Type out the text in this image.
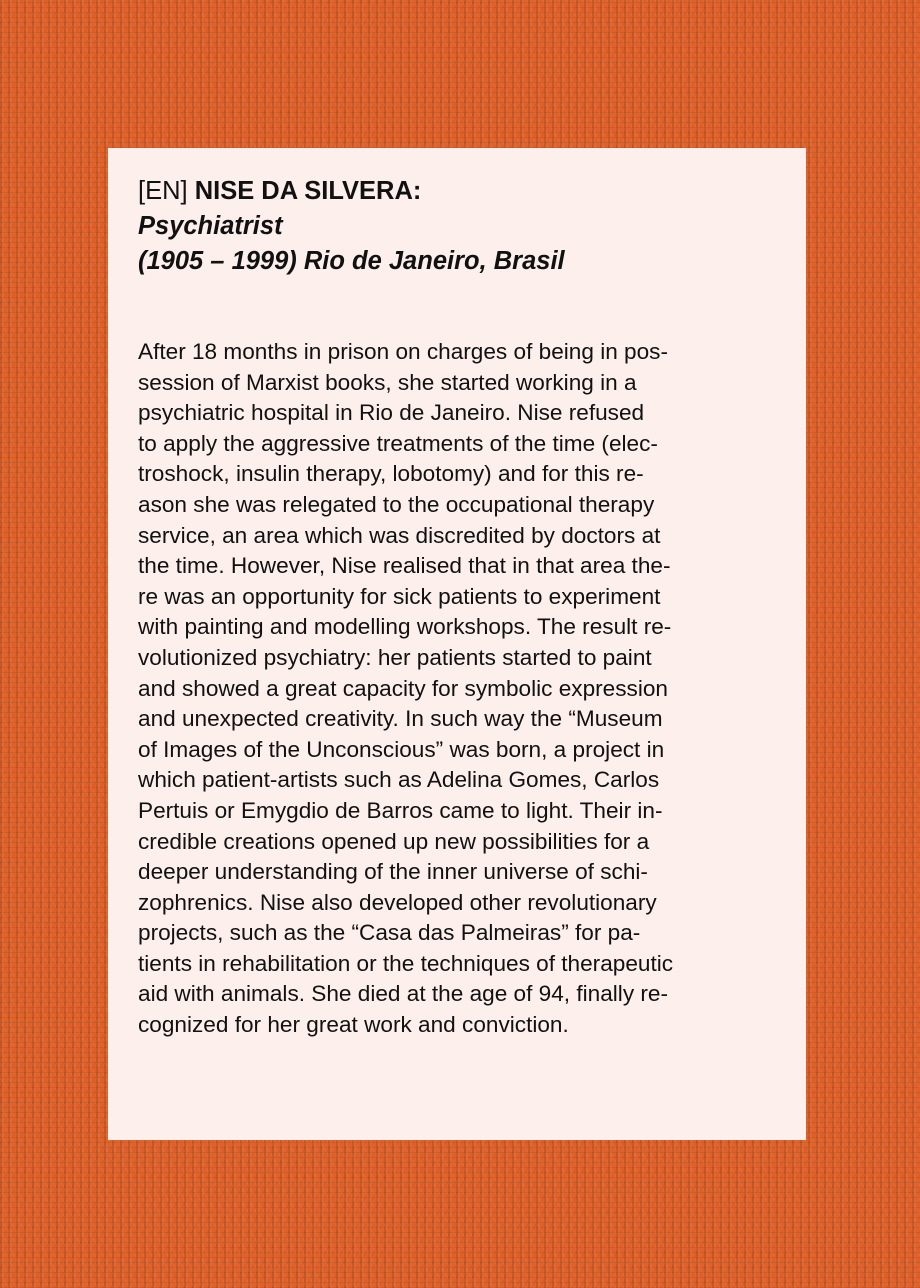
[EN] NISE DA SILVERA:
Psychiatrist
(1905 – 1999) Rio de Janeiro, Brasil
After 18 months in prison on charges of being in pos-
session of Marxist books, she started working in a
psychiatric hospital in Rio de Janeiro. Nise refused
to apply the aggressive treatments of the time (elec-
troshock, insulin therapy, lobotomy) and for this re-
ason she was relegated to the occupational therapy
service, an area which was discredited by doctors at
the time. However, Nise realised that in that area the-
re was an opportunity for sick patients to experiment
with painting and modelling workshops. The result re-
volutionized psychiatry: her patients started to paint
and showed a great capacity for symbolic expression
and unexpected creativity. In such way the “Museum
of Images of the Unconscious” was born, a project in
which patient-artists such as Adelina Gomes, Carlos
Pertuis or Emygdio de Barros came to light. Their in-
credible creations opened up new possibilities for a
deeper understanding of the inner universe of schi-
zophrenics. Nise also developed other revolutionary
projects, such as the “Casa das Palmeiras” for pa-
tients in rehabilitation or the techniques of therapeutic
aid with animals. She died at the age of 94, finally re-
cognized for her great work and conviction.
